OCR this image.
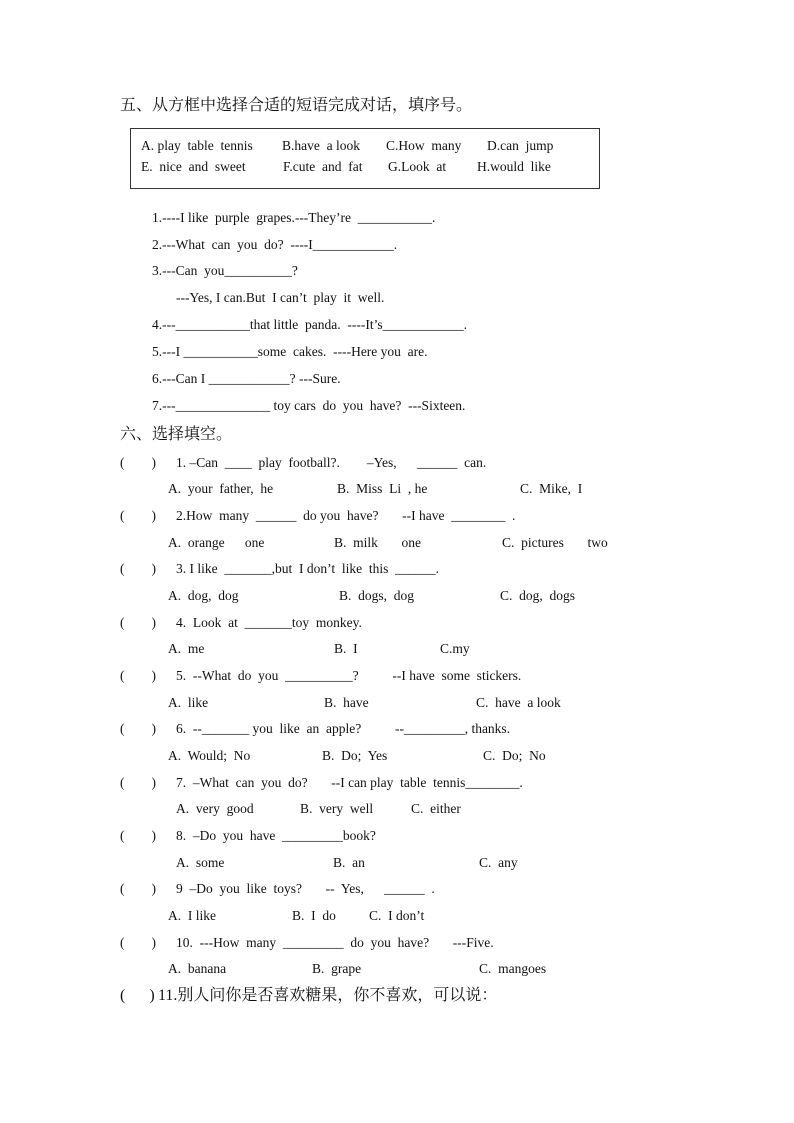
五、从方框中选择合适的短语完成对话，填序号。
A. play  table  tennis B.have  a look C.How  many D.can  jump
E.  nice  and  sweet	F.cute  and  fat G.Look  at H.would  like
1.----I like  purple  grapes.---They’re  ___________.
2.---What  can  you  do?  ----I____________.
3.---Can  you__________?
---Yes, I can.But  I can’t  play  it  well.
4.---___________that little  panda.  ----It’s____________.
5.---I ___________some  cakes.  ----Here you  are.
6.---Can I ____________? ---Sure.
7.---______________ toy cars  do  you  have?  ---Sixteen.
六、选择填空。
(        ) 1. –Can  ____  play  football?.        –Yes,      ______  can.
A.  your  father,  he	B.  Miss  Li  , he	C.  Mike,  I
(        ) 2.How  many  ______  do you  have?       --I have  ________  .
A.  orange      one	B.  milk       one	C.  pictures       two
(        ) 3. I like  _______,but  I don’t  like  this  ______.
A.  dog,  dog	B.  dogs,  dog	C.  dog,  dogs
(        ) 4.  Look  at  _______toy  monkey.
A.  me	B.  I	C.my
(        ) 5.  --What  do  you  __________?          --I have  some  stickers.
A.  like	B.  have	C.  have  a look
(        ) 6.  --_______ you  like  an  apple?          --_________, thanks.
A.  Would;  No	B.  Do;  Yes	C.  Do;  No
(        ) 7.  –What  can  you  do?       --I can play  table  tennis________.
A.  very  good	B.  very  well	C.  either
(        ) 8.  –Do  you  have  _________book?
A.  some	B.  an	C.  any
(        ) 9  –Do  you  like  toys?       --  Yes,      ______  .
A.  I like	B.  I  do C.  I don’t
(        ) 10.  ---How  many  _________  do  you  have?       ---Five.
A.  banana	B.  grape	C.  mangoes
(      ) 11.别人问你是否喜欢糖果，你不喜欢，可以说：
